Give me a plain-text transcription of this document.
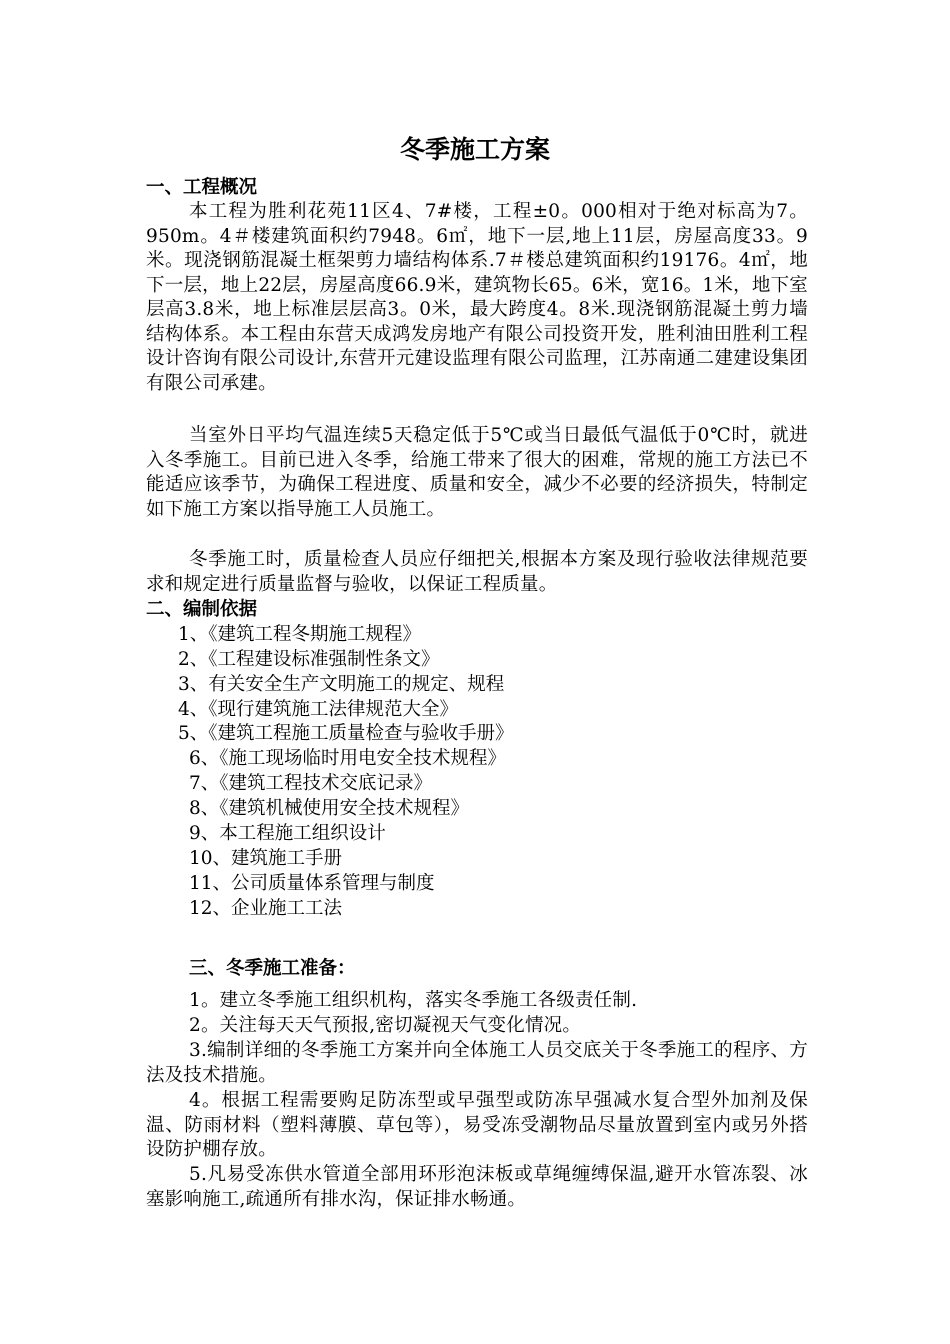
冬季施工方案
一、工程概况
本工程为胜利花苑11区4、7#楼，工程±0。000相对于绝对标高为7。950m。4＃楼建筑面积约7948。6㎡，地下一层,地上11层，房屋高度33。9米。现浇钢筋混凝土框架剪力墙结构体系.7＃楼总建筑面积约19176。4㎡，地下一层，地上22层，房屋高度66.9米，建筑物长65。6米，宽16。1米，地下室层高3.8米，地上标准层层高3。0米，最大跨度4。8米.现浇钢筋混凝土剪力墙结构体系。本工程由东营天成鸿发房地产有限公司投资开发，胜利油田胜利工程设计咨询有限公司设计,东营开元建设监理有限公司监理，江苏南通二建建设集团有限公司承建。
当室外日平均气温连续5天稳定低于5℃或当日最低气温低于0℃时，就进入冬季施工。目前已进入冬季，给施工带来了很大的困难，常规的施工方法已不能适应该季节，为确保工程进度、质量和安全，减少不必要的经济损失，特制定如下施工方案以指导施工人员施工。
冬季施工时，质量检查人员应仔细把关,根据本方案及现行验收法律规范要求和规定进行质量监督与验收，以保证工程质量。
二、编制依据
1、《建筑工程冬期施工规程》
2、《工程建设标准强制性条文》
3、有关安全生产文明施工的规定、规程
4、《现行建筑施工法律规范大全》
5、《建筑工程施工质量检查与验收手册》
6、《施工现场临时用电安全技术规程》
7、《建筑工程技术交底记录》
8、《建筑机械使用安全技术规程》
9、本工程施工组织设计
10、建筑施工手册
11、公司质量体系管理与制度
12、企业施工工法
三、冬季施工准备：
1。建立冬季施工组织机构，落实冬季施工各级责任制.
2。关注每天天气预报,密切凝视天气变化情况。
3.编制详细的冬季施工方案并向全体施工人员交底关于冬季施工的程序、方法及技术措施。
4。根据工程需要购足防冻型或早强型或防冻早强减水复合型外加剂及保温、防雨材料（塑料薄膜、草包等），易受冻受潮物品尽量放置到室内或另外搭设防护棚存放。
5.凡易受冻供水管道全部用环形泡沫板或草绳缠缚保温,避开水管冻裂、冰塞影响施工,疏通所有排水沟，保证排水畅通。
